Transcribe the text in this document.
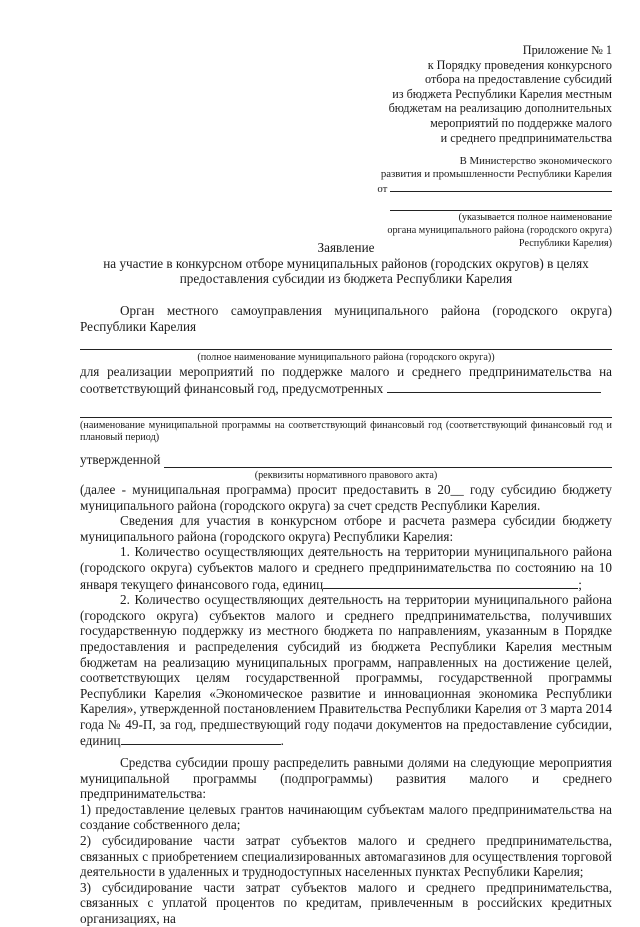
Приложение № 1
к Порядку проведения конкурсного
отбора на предоставление субсидий
из бюджета Республики Карелия местным
бюджетам на реализацию дополнительных
мероприятий по поддержке малого
и среднего предпринимательства
В Министерство экономического
развития и промышленности Республики Карелия
от
(указывается полное наименование
органа муниципального района (городского округа)
Республики Карелия)
Заявление
на участие в конкурсном отборе муниципальных районов (городских округов) в целях
предоставления субсидии из бюджета Республики Карелия

Орган местного самоуправления муниципального района (городского округа) Республики Карелия

(полное наименование муниципального района (городского округа))

для реализации мероприятий по поддержке малого и среднего предпринимательства на соответствующий финансовый год, предусмотренных

(наименование муниципальной программы на соответствующий финансовый год (соответствующий финансовый год и плановый период)
утвержденной
(реквизиты нормативного правового акта)

(далее - муниципальная программа) просит предоставить в 20__ году субсидию бюджету муниципального района (городского округа) за счет средств Республики Карелия.

Сведения для участия в конкурсном отборе и расчета размера субсидии бюджету муниципального района (городского округа) Республики Карелия:

1. Количество осуществляющих деятельность на территории муниципального района (городского округа) субъектов малого и среднего предпринимательства по состоянию на 10 января текущего финансового года, единиц	;

2. Количество осуществляющих деятельность на территории муниципального района (городского округа) субъектов малого и среднего предпринимательства, получивших государственную поддержку из местного бюджета по направлениям, указанным в Порядке предоставления и распределения субсидий из бюджета Республики Карелия местным бюджетам на реализацию муниципальных программ, направленных на достижение целей, соответствующих целям государственной программы, государственной программы Республики Карелия «Экономическое развитие и инновационная экономика Республики Карелия», утвержденной постановлением Правительства Республики Карелия от 3 марта 2014 года № 49-П, за год, предшествующий году подачи документов на предоставление субсидии, единиц	.

Средства субсидии прошу распределить равными долями на следующие мероприятия муниципальной программы (подпрограммы) развития малого и среднего предпринимательства:

1) предоставление целевых грантов начинающим субъектам малого предпринимательства на создание собственного дела;

2) субсидирование части затрат субъектов малого и среднего предпринимательства, связанных с приобретением специализированных автомагазинов для осуществления торговой деятельности в удаленных и труднодоступных населенных пунктах Республики Карелия;

3) субсидирование части затрат субъектов малого и среднего предпринимательства, связанных с уплатой процентов по кредитам, привлеченным в российских кредитных организациях, на
